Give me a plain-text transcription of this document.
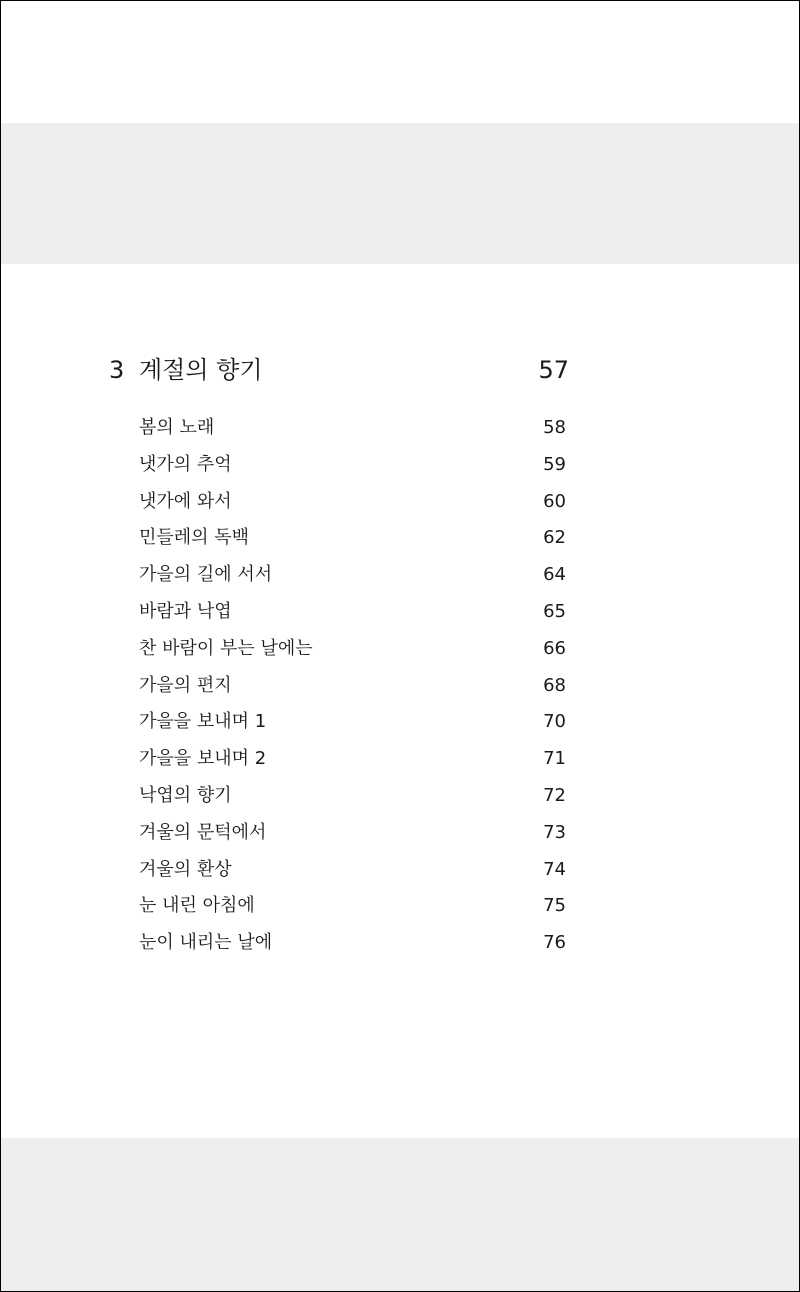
3 계절의 향기	57
봄의 노래	58
냇가의 추억	59
냇가에 와서	60
민들레의 독백	62
가을의 길에 서서	64
바람과 낙엽	65
찬 바람이 부는 날에는	66
가을의 편지	68
가을을 보내며 1	70
가을을 보내며 2	71
낙엽의 향기	72
겨울의 문턱에서	73
겨울의 환상	74
눈 내린 아침에	75
눈이 내리는 날에	76
